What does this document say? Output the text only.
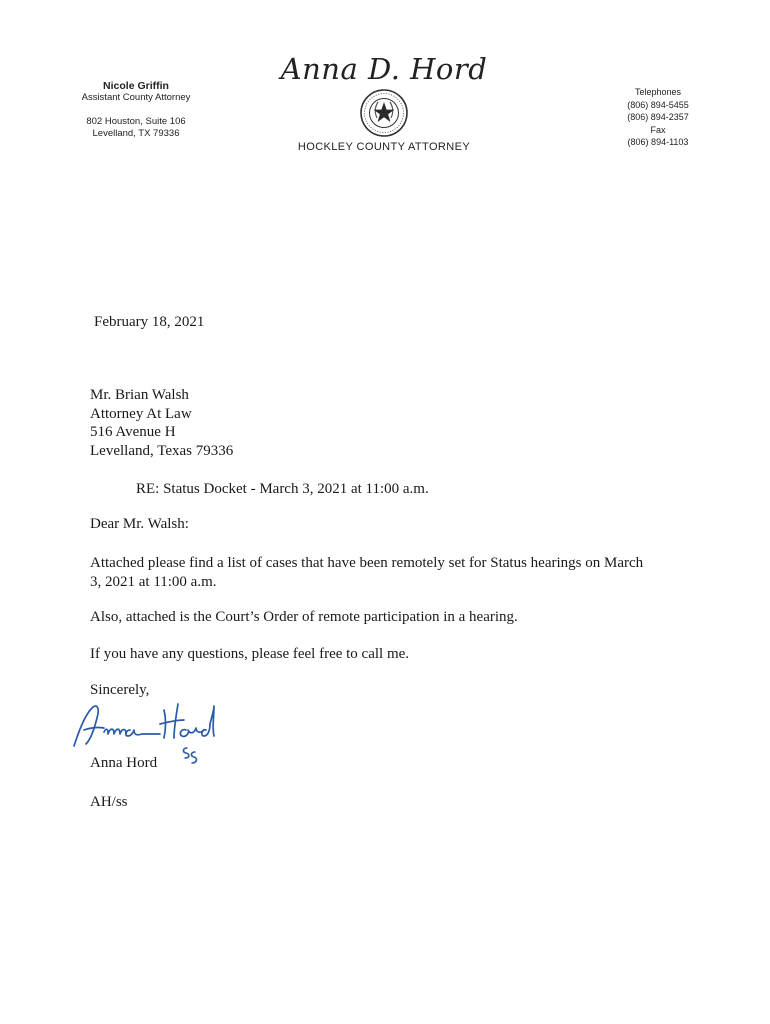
Nicole Griffin
Assistant County Attorney
802 Houston, Suite 106
Levelland, TX 79336
Anna D. Hord
HOCKLEY COUNTY ATTORNEY
Telephones
(806) 894-5455
(806) 894-2357
Fax
(806) 894-1103
February 18, 2021
Mr. Brian Walsh
Attorney At Law
516 Avenue H
Levelland, Texas 79336
RE: Status Docket - March 3, 2021 at 11:00 a.m.
Dear Mr. Walsh:
Attached please find a list of cases that have been remotely set for Status hearings on March 3, 2021 at 11:00 a.m.
Also, attached is the Court’s Order of remote participation in a hearing.
If you have any questions, please feel free to call me.
Sincerely,
Anna Hord
AH/ss
